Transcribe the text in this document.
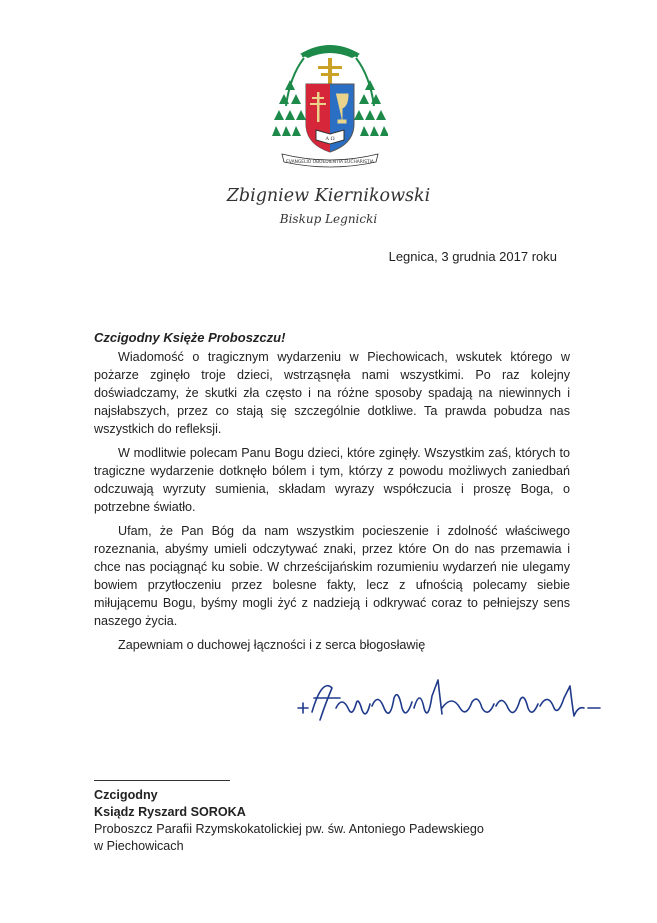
A Ω
EVANGELIO OBOEDIENTIA EUCHARISTIA
Zbigniew Kiernikowski
Biskup Legnicki
Legnica, 3 grudnia 2017 roku
Czcigodny Księże Proboszczu!

Wiadomość o tragicznym wydarzeniu w Piechowicach, wskutek którego w pożarze zginęło troje dzieci, wstrząsnęła nami wszystkimi. Po raz kolejny doświadczamy, że skutki zła często i na różne sposoby spadają na niewinnych i najsłabszych, przez co stają się szczególnie dotkliwe. Ta prawda pobudza nas wszystkich do refleksji.

W modlitwie polecam Panu Bogu dzieci, które zginęły. Wszystkim zaś, których to tragiczne wydarzenie dotknęło bólem i tym, którzy z powodu możliwych zaniedbań odczuwają wyrzuty sumienia, składam wyrazy współczucia i proszę Boga, o potrzebne światło.

Ufam, że Pan Bóg da nam wszystkim pocieszenie i zdolność właściwego rozeznania, abyśmy umieli odczytywać znaki, przez które On do nas przemawia i chce nas pociągnąć ku sobie. W chrześcijańskim rozumieniu wydarzeń nie ulegamy bowiem przytłoczeniu przez bolesne fakty, lecz z ufnością polecamy siebie miłującemu Bogu, byśmy mogli żyć z nadzieją i odkrywać coraz to pełniejszy sens naszego życia.

Zapewniam o duchowej łączności i z serca błogosławię

Czcigodny
Ksiądz Ryszard SOROKA
Proboszcz Parafii Rzymskokatolickiej pw. św. Antoniego Padewskiego
w Piechowicach
